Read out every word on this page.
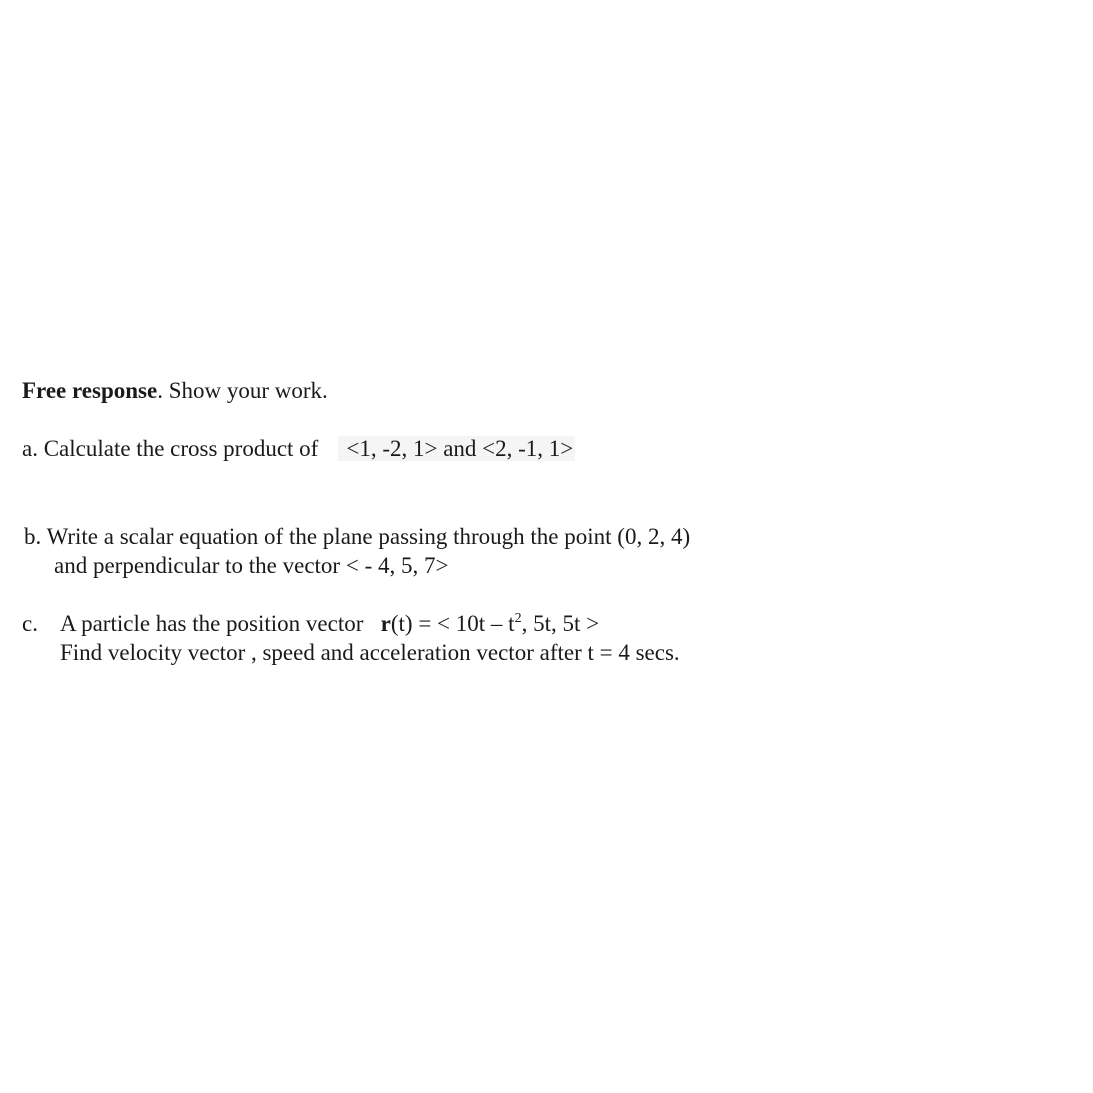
Free response. Show your work.
a. Calculate the cross product of <1, -2, 1> and <2, -1, 1>
b. Write a scalar equation of the plane passing through the point (0, 2, 4)
and perpendicular to the vector < - 4, 5, 7>
c. A particle has the position vector   r(t) = < $10t - t^2$, 5t, 5t >
Find velocity vector , speed and acceleration vector after t = 4 secs.
